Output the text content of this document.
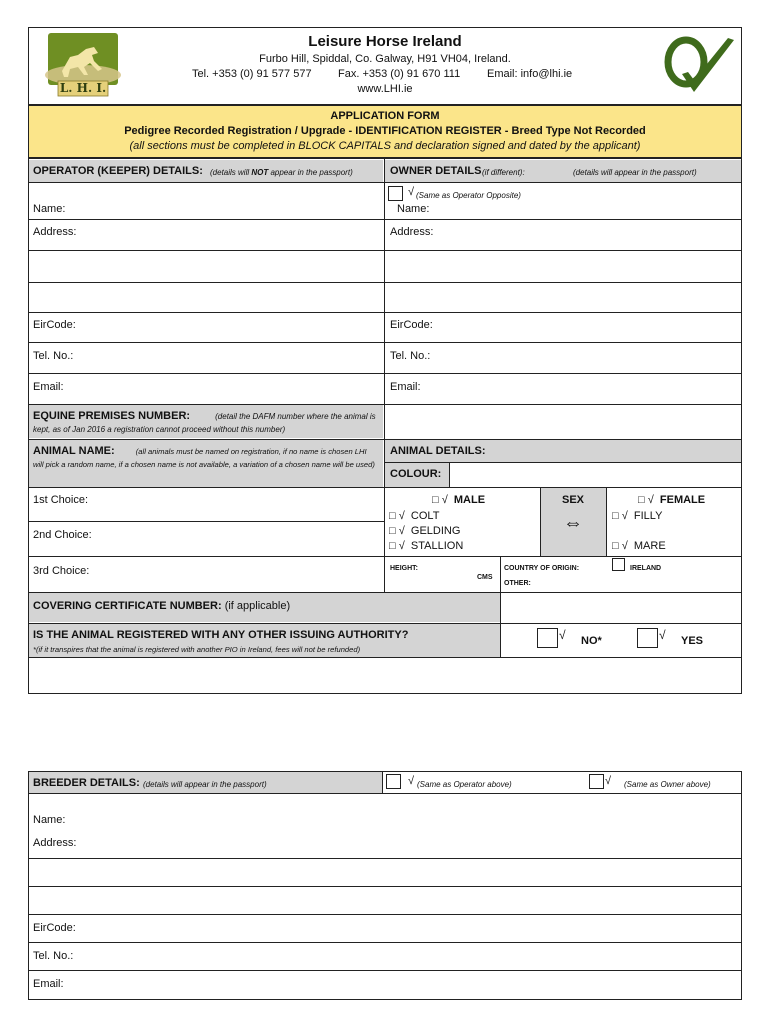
L. H. I.
Leisure Horse Ireland
Furbo Hill, Spiddal, Co. Galway, H91 VH04, Ireland.
Tel. +353 (0) 91 577 577 Fax. +353 (0) 91 670 111 Email: info@lhi.ie
www.LHI.ie
APPLICATION FORM
Pedigree Recorded Registration / Upgrade - IDENTIFICATION REGISTER - Breed Type Not Recorded
(all sections must be completed in BLOCK CAPITALS and declaration signed and dated by the applicant)
OPERATOR (KEEPER) DETAILS: (details will NOT appear in the passport)	OWNER DETAILS (if different):	(details will appear in the passport)
√ (Same as Operator Opposite)
Name:
Address:
EirCode:
Tel. No.:
Email:
Name:
Address:
EirCode:
Tel. No.:
Email:
EQUINE PREMISES NUMBER:	(detail the DAFM number where the animal is kept, as of Jan 2016 a registration cannot proceed without this number)
ANIMAL NAME:	(all animals must be named on registration, if no name is chosen LHI will pick a random name, if a chosen name is not available, a variation of a chosen name will be used)
1st Choice:
2nd Choice:
3rd Choice:
ANIMAL DETAILS:
COLOUR:
□ √ MALE
□ √ COLT
□ √ GELDING
□ √ STALLION
SEX
⇔
□ √ FEMALE
□ √ FILLY
□ √ MARE
HEIGHT:
CMS
COUNTRY OF ORIGIN:	IRELAND
OTHER:
COVERING CERTIFICATE NUMBER: (if applicable)
IS THE ANIMAL REGISTERED WITH ANY OTHER ISSUING AUTHORITY?
*(if it transpires that the animal is registered with another PIO in Ireland, fees will not be refunded)
√ NO*	√ YES
BREEDER DETAILS: (details will appear in the passport)	√ (Same as Operator above)	√ (Same as Owner above)
Name:
Address:
EirCode:
Tel. No.:
Email:
